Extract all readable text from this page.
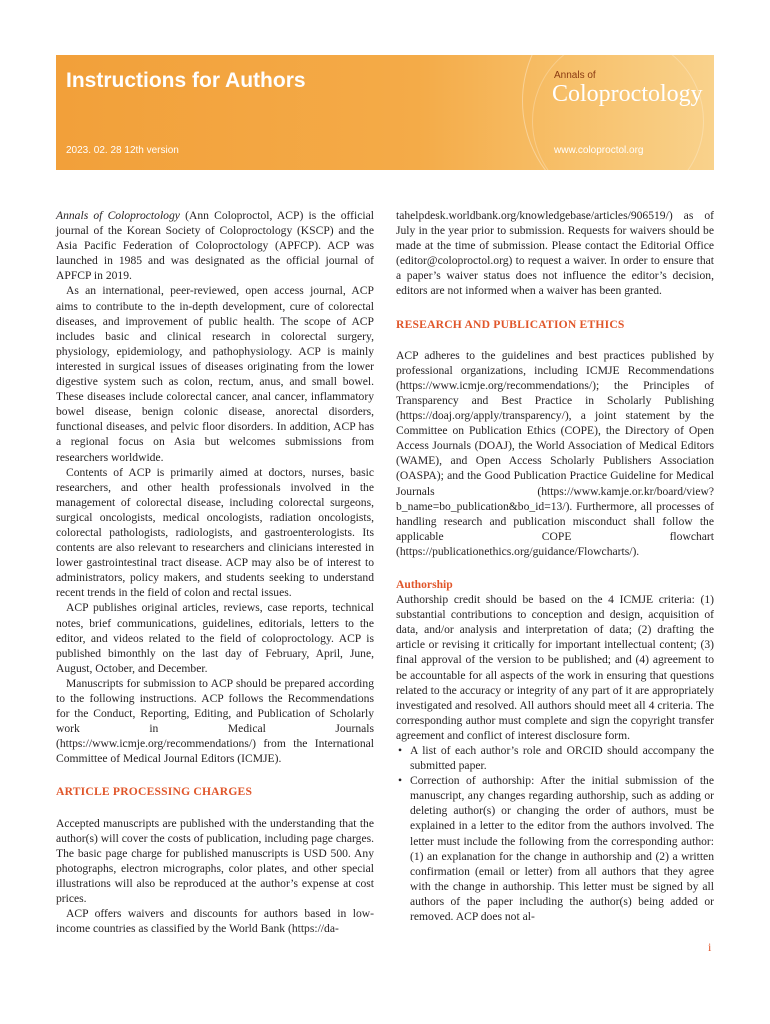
Instructions for Authors
2023. 02. 28 12th version
Annals of
Coloproctology
www.coloproctol.org

Annals of Coloproctology (Ann Coloproctol, ACP) is the official journal of the Korean Society of Coloproctology (KSCP) and the Asia Pacific Federation of Coloproctology (APFCP). ACP was launched in 1985 and was designated as the official journal of APFCP in 2019.

As an international, peer-reviewed, open access journal, ACP aims to contribute to the in-depth development, cure of colorectal diseases, and improvement of public health. The scope of ACP includes basic and clinical research in colorectal surgery, physiology, epidemiology, and pathophysiology. ACP is mainly interested in surgical issues of diseases originating from the lower digestive system such as colon, rectum, anus, and small bowel. These diseases include colorectal cancer, anal cancer, inflammatory bowel disease, benign colonic disease, anorectal disorders, functional diseases, and pelvic floor disorders. In addition, ACP has a regional focus on Asia but welcomes submissions from researchers worldwide.

Contents of ACP is primarily aimed at doctors, nurses, basic researchers, and other health professionals involved in the management of colorectal disease, including colorectal surgeons, surgical oncologists, medical oncologists, radiation oncologists, colorectal pathologists, radiologists, and gastroenterologists. Its contents are also relevant to researchers and clinicians interested in lower gastrointestinal tract disease. ACP may also be of interest to administrators, policy makers, and students seeking to understand recent trends in the field of colon and rectal issues.

ACP publishes original articles, reviews, case reports, technical notes, brief communications, guidelines, editorials, letters to the editor, and videos related to the field of coloproctology. ACP is published bimonthly on the last day of February, April, June, August, October, and December.

Manuscripts for submission to ACP should be prepared according to the following instructions. ACP follows the Recommendations for the Conduct, Reporting, Editing, and Publication of Scholarly work in Medical Journals (https://www.icmje.org/recommendations/) from the International Committee of Medical Journal Editors (ICMJE).

ARTICLE PROCESSING CHARGES

Accepted manuscripts are published with the understanding that the author(s) will cover the costs of publication, including page charges. The basic page charge for published manuscripts is USD 500. Any photographs, electron micrographs, color plates, and other special illustrations will also be reproduced at the author’s expense at cost prices.

ACP offers waivers and discounts for authors based in low-income countries as classified by the World Bank (https://da-

tahelpdesk.worldbank.org/knowledgebase/articles/906519/) as of July in the year prior to submission. Requests for waivers should be made at the time of submission. Please contact the Editorial Office (editor@coloproctol.org) to request a waiver. In order to ensure that a paper’s waiver status does not influence the editor’s decision, editors are not informed when a waiver has been granted.

RESEARCH AND PUBLICATION ETHICS

ACP adheres to the guidelines and best practices published by professional organizations, including ICMJE Recommendations (https://www.icmje.org/recommendations/); the Principles of Transparency and Best Practice in Scholarly Publishing (https://doaj.org/apply/transparency/), a joint statement by the Committee on Publication Ethics (COPE), the Directory of Open Access Journals (DOAJ), the World Association of Medical Editors (WAME), and Open Access Scholarly Publishers Association (OASPA); and the Good Publication Practice Guideline for Medical Journals (https://www.kamje.or.kr/board/view?b_name=bo_publication&bo_id=13/). Furthermore, all processes of handling research and publication misconduct shall follow the applicable COPE flowchart (https://publicationethics.org/guidance/Flowcharts/).

Authorship

Authorship credit should be based on the 4 ICMJE criteria: (1) substantial contributions to conception and design, acquisition of data, and/or analysis and interpretation of data; (2) drafting the article or revising it critically for important intellectual content; (3) final approval of the version to be published; and (4) agreement to be accountable for all aspects of the work in ensuring that questions related to the accuracy or integrity of any part of it are appropriately investigated and resolved. All authors should meet all 4 criteria. The corresponding author must complete and sign the copyright transfer agreement and conflict of interest disclosure form.

• A list of each author’s role and ORCID should accompany the submitted paper.
• Correction of authorship: After the initial submission of the manuscript, any changes regarding authorship, such as adding or deleting author(s) or changing the order of authors, must be explained in a letter to the editor from the authors involved. The letter must include the following from the corresponding author: (1) an explanation for the change in authorship and (2) a written confirmation (email or letter) from all authors that they agree with the change in authorship. This letter must be signed by all authors of the paper including the author(s) being added or removed. ACP does not al-
i
